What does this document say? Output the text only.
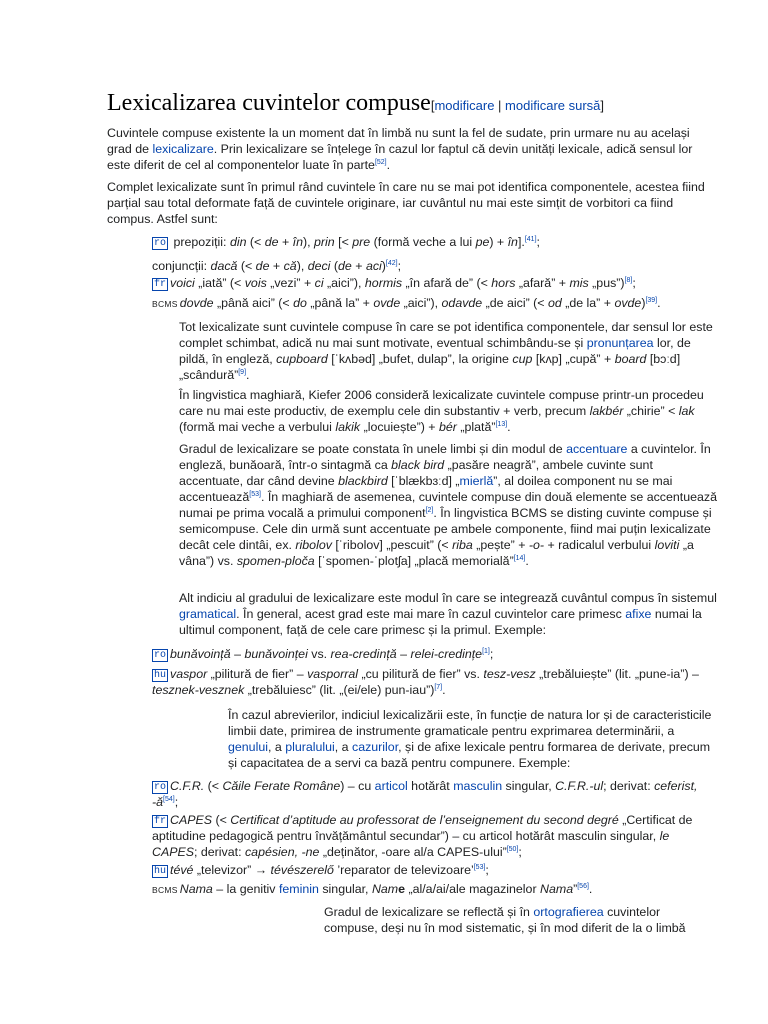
Lexicalizarea cuvintelor compuse[modificare | modificare sursă]

Cuvintele compuse existente la un moment dat în limbă nu sunt la fel de sudate, prin urmare nu au același grad de lexicalizare. Prin lexicalizare se înțelege în cazul lor faptul că devin unități lexicale, adică sensul lor este diferit de cel al componentelor luate în parte[52].

Complet lexicalizate sunt în primul rând cuvintele în care nu se mai pot identifica componentele, acestea fiind parțial sau total deformate față de cuvintele originare, iar cuvântul nu mai este simțit de vorbitori ca fiind compus. Astfel sunt:

ro prepoziții: din (< de + în), prin [< pre (formă veche a lui pe) + în].[41];
conjuncții: dacă (< de + că), deci (de + aci)[42];
fr voici „iată” (< vois „vezi” + ci „aici”), hormis „în afară de” (< hors „afară” + mis „pus”)[8];
BCMS dovde „până aici” (< do „până la” + ovde „aici”), odavde „de aici” (< od „de la” + ovde)[39].

Tot lexicalizate sunt cuvintele compuse în care se pot identifica componentele, dar sensul lor este complet schimbat, adică nu mai sunt motivate, eventual schimbându-se și pronunțarea lor, de pildă, în engleză, cupboard [ˈkʌbəd] „bufet, dulap”, la origine cup [kʌp] „cupă” + board [bɔːd] „scândură”[9].

În lingvistica maghiară, Kiefer 2006 consideră lexicalizate cuvintele compuse printr-un procedeu care nu mai este productiv, de exemplu cele din substantiv + verb, precum lakbér „chirie” < lak (formă mai veche a verbului lakik „locuiește”) + bér „plată”[13].

Gradul de lexicalizare se poate constata în unele limbi și din modul de accentuare a cuvintelor. În engleză, bunăoară, într-o sintagmă ca black bird „pasăre neagră”, ambele cuvinte sunt accentuate, dar când devine blackbird [ˈblækbɜːd] „mierlă”, al doilea component nu se mai accentuează[53]. În maghiară de asemenea, cuvintele compuse din două elemente se accentuează numai pe prima vocală a primului component[2]. În lingvistica BCMS se disting cuvinte compuse și semicompuse. Cele din urmă sunt accentuate pe ambele componente, fiind mai puțin lexicalizate decât cele dintâi, ex. ribolov [ˈribolov] „pescuit” (< riba „pește” + -o- + radicalul verbului loviti „a vâna”) vs. spomen-ploča [ˈspomen-ˈplotʃa] „placă memorială”[14].

Alt indiciu al gradului de lexicalizare este modul în care se integrează cuvântul compus în sistemul gramatical. În general, acest grad este mai mare în cazul cuvintelor care primesc afixe numai la ultimul component, față de cele care primesc și la primul. Exemple:

ro bunăvoință – bunăvoinței vs. rea-credință – relei-credințe[1];
hu vaspor „pilitură de fier” – vasporral „cu pilitură de fier” vs. tesz-vesz „trebăluiește” (lit. „pune-ia”) – tesznek-vesznek „trebăluiesc” (lit. „(ei/ele) pun-iau”)[7].

În cazul abrevierilor, indiciul lexicalizării este, în funcție de natura lor și de caracteristicile limbii date, primirea de instrumente gramaticale pentru exprimarea determinării, a genului, a pluralului, a cazurilor, și de afixe lexicale pentru formarea de derivate, precum și capacitatea de a servi ca bază pentru compunere. Exemple:

ro C.F.R. (< Căile Ferate Române) – cu articol hotărât masculin singular, C.F.R.-ul; derivat: ceferist, -ă[54];
fr CAPES (< Certificat d’aptitude au professorat de l’enseignement du second degré „Certificat de aptitudine pedagogică pentru învățământul secundar”) – cu articol hotărât masculin singular, le CAPES; derivat: capésien, -ne „deținător, -oare al/a CAPES-ului”[50];
hu tévé „televizor” → tévészerelő ’reparator de televizoare’[53];
BCMS Nama – la genitiv feminin singular, Name „al/a/ai/ale magazinelor Nama”[56].

Gradul de lexicalizare se reflectă și în ortografierea cuvintelor compuse, deși nu în mod sistematic, și în mod diferit de la o limbă
